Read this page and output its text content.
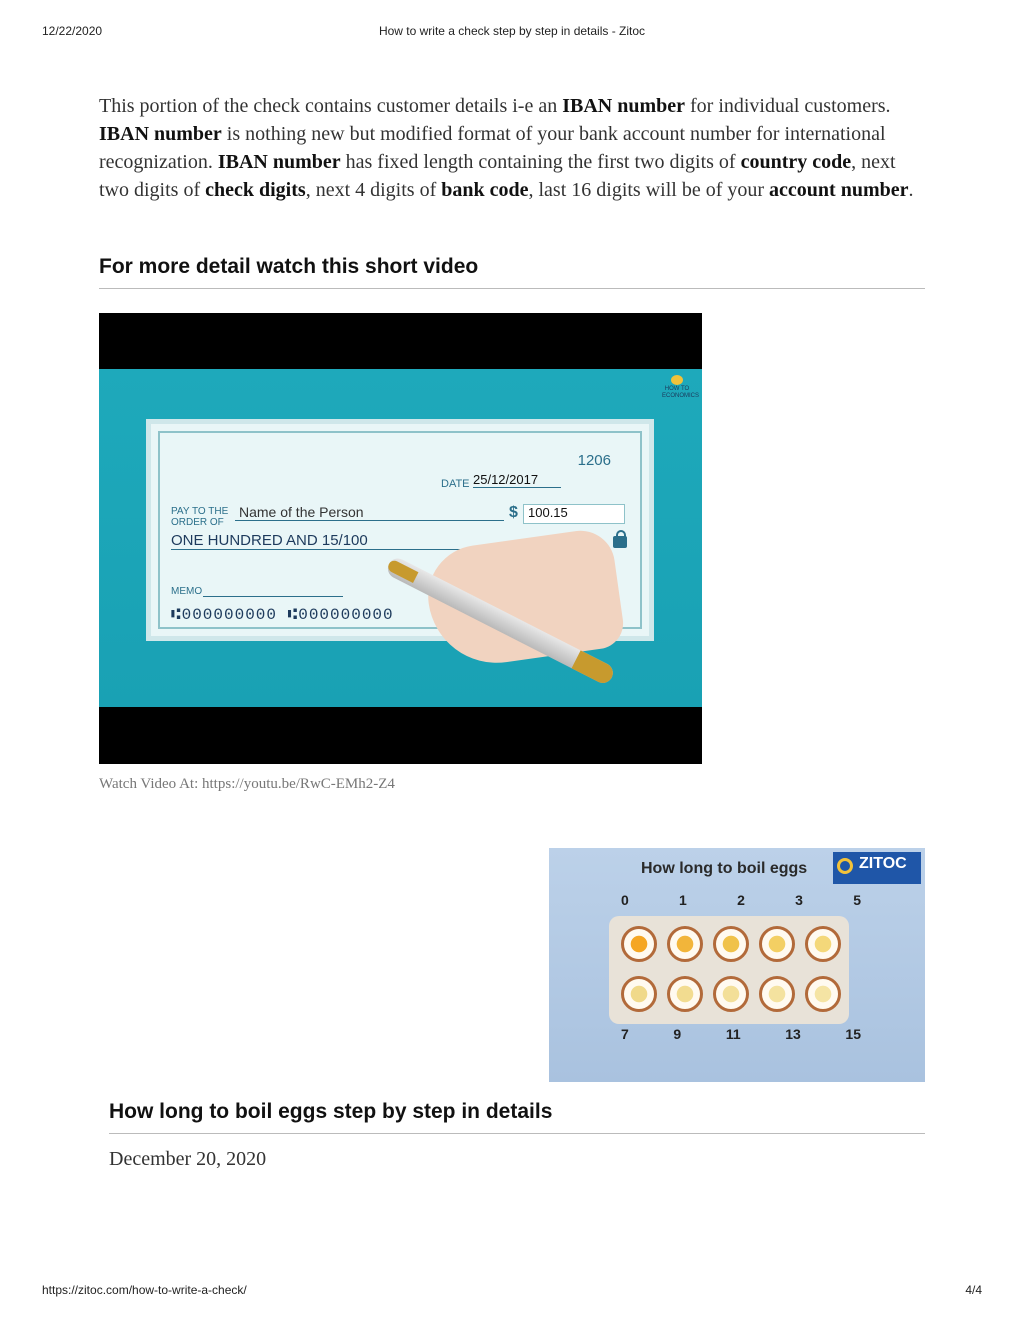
12/22/2020	How to write a check step by step in details - Zitoc

This portion of the check contains customer details i-e an IBAN number for individual customers. IBAN number is nothing new but modified format of your bank account number for international recognization. IBAN number has fixed length containing the first two digits of country code, next two digits of check digits, next 4 digits of bank code, last 16 digits will be of your account number.

For more detail watch this short video
HOW TO ECONOMICS
1206
DATE 25/12/2017
PAY TO THE ORDER OF
Name of the Person	$ 100.15
ONE HUNDRED AND 15/100
MEMO
⑆000000000 ⑆000000000
Watch Video At: https://youtu.be/RwC-EMh2-Z4
How long to boil eggs	ZITOC
0	1	2	3	5
7	9	11	13	15
How long to boil eggs step by step in details
December 20, 2020
https://zitoc.com/how-to-write-a-check/	4/4
